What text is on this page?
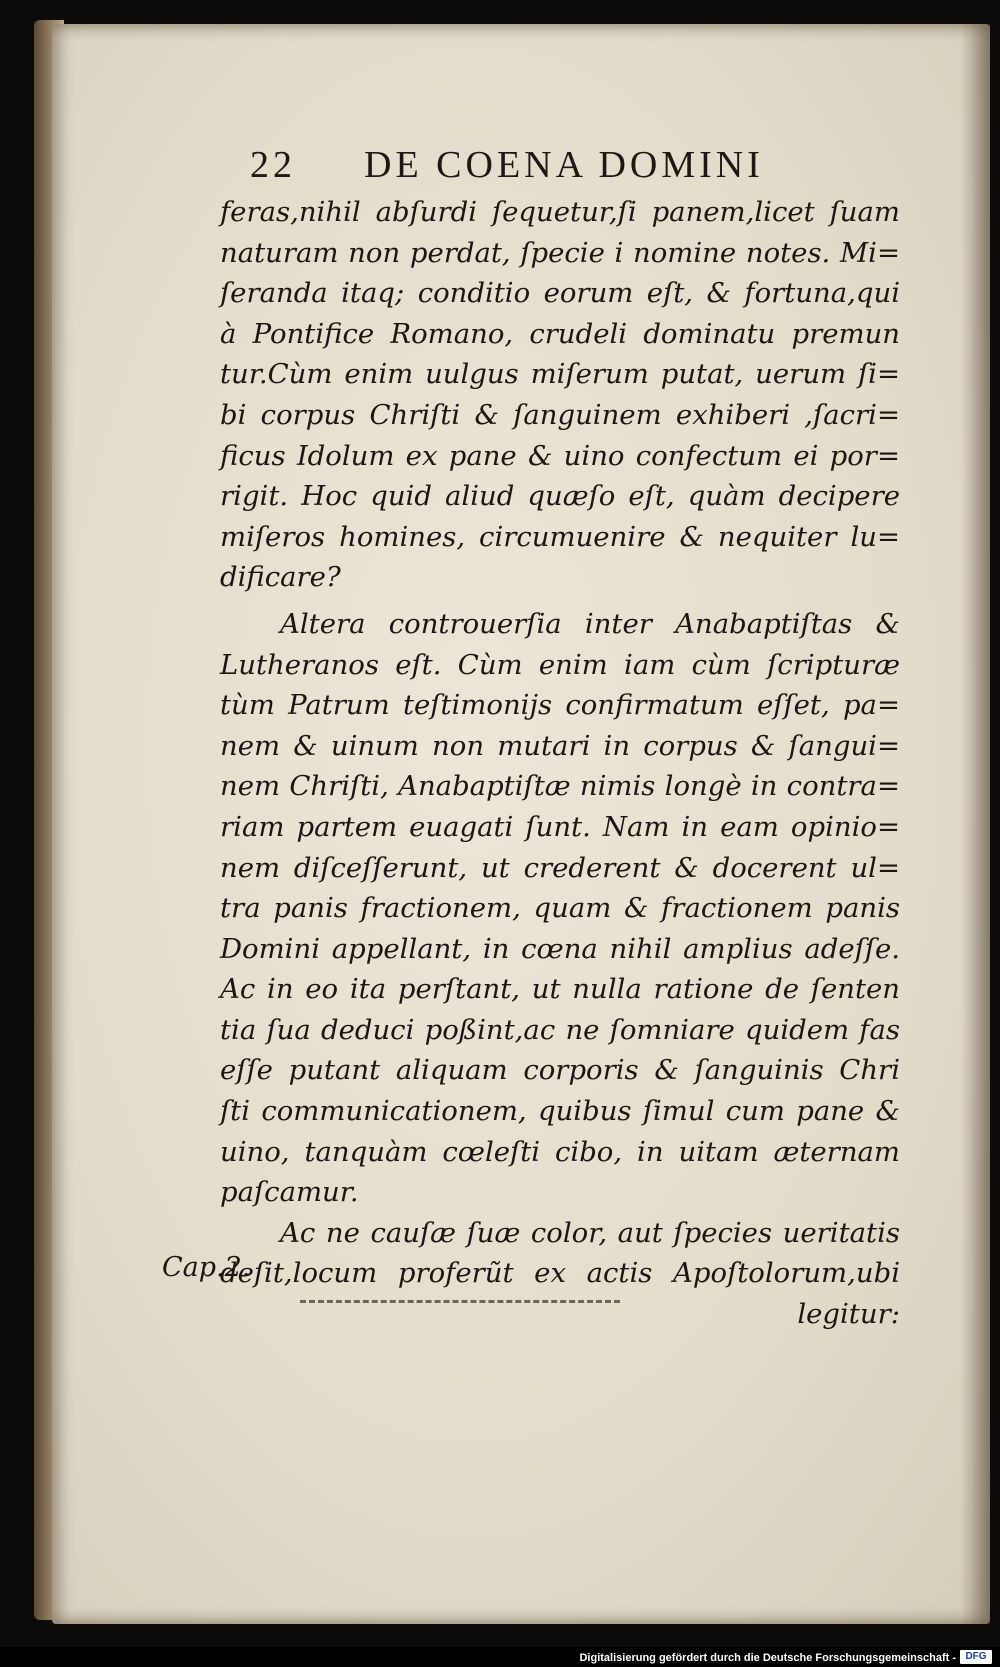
22 DE COENA DOMINI
feras,nihil abſurdi ſequetur,ſi panem,licet ſuam
naturam non perdat, ſpecie i nomine notes. Mi=
ſeranda itaq; conditio eorum eſt, & fortuna,qui
à Pontifice Romano, crudeli dominatu premun
tur.Cùm enim uulgus miſerum putat, uerum ſi=
bi corpus Chriſti & ſanguinem exhiberi ,ſacri=
ficus Idolum ex pane & uino confectum ei por=
rigit. Hoc quid aliud quæſo eſt, quàm decipere
miſeros homines, circumuenire & nequiter lu=
dificare?
Altera controuerſia inter Anabaptiſtas &
Lutheranos eſt. Cùm enim iam cùm ſcripturæ
tùm Patrum teſtimonijs confirmatum eſſet, pa=
nem & uinum non mutari in corpus & ſangui=
nem Chriſti, Anabaptiſtæ nimis longè in contra=
riam partem euagati ſunt. Nam in eam opinio=
nem diſceſſerunt, ut crederent & docerent ul=
tra panis fractionem, quam & fractionem panis
Domini appellant, in cœna nihil amplius adeſſe.
Ac in eo ita perſtant, ut nulla ratione de ſenten
tia ſua deduci poßint,ac ne ſomniare quidem fas
eſſe putant aliquam corporis & ſanguinis Chri
ſti communicationem, quibus ſimul cum pane &
uino, tanquàm cœleſti cibo, in uitam æternam
paſcamur.
Ac ne cauſæ ſuæ color, aut ſpecies ueritatis
deſit,locum proferũt ex actis Apoſtolorum,ubi
legitur:
Cap.2.
Digitalisierung gefördert durch die Deutsche Forschungsgemeinschaft - DFG
